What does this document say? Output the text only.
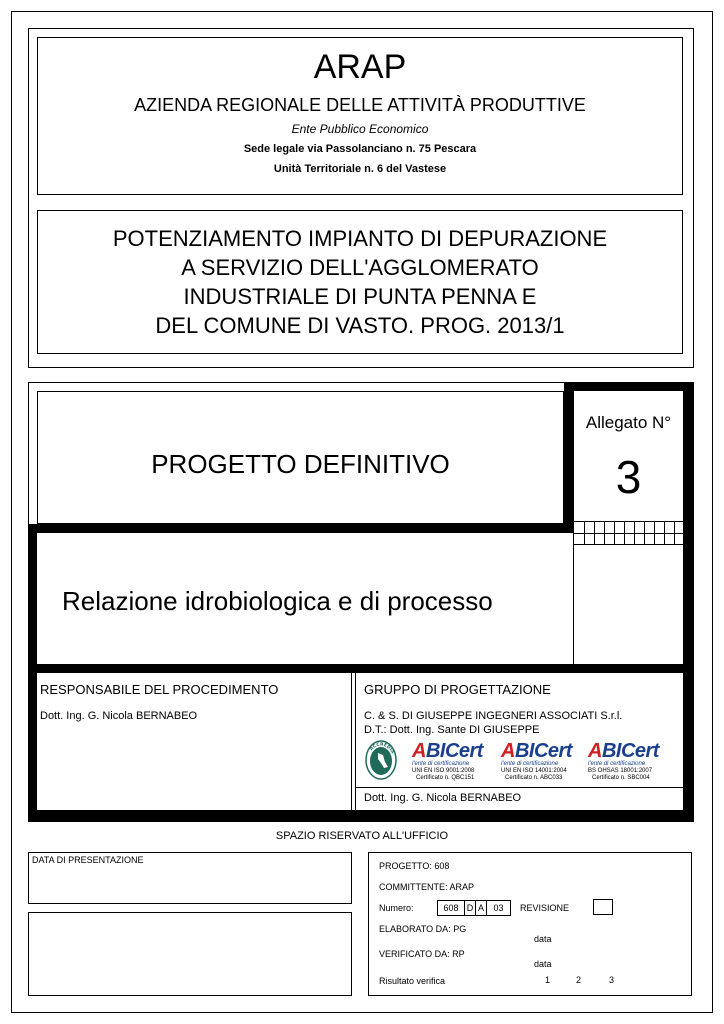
ARAP
AZIENDA REGIONALE DELLE ATTIVITÀ PRODUTTIVE
Ente Pubblico Economico
Sede legale via Passolanciano n. 75 Pescara
Unità Territoriale n. 6 del Vastese
POTENZIAMENTO IMPIANTO DI DEPURAZIONE
A SERVIZIO DELL'AGGLOMERATO
INDUSTRIALE DI PUNTA PENNA E
DEL COMUNE DI VASTO. PROG. 2013/1
PROGETTO DEFINITIVO
Allegato N°
3
Relazione idrobiologica e di processo
RESPONSABILE DEL PROCEDIMENTO
Dott. Ing. G. Nicola BERNABEO
GRUPPO DI PROGETTAZIONE
C. & S. DI GIUSEPPE INGEGNERI ASSOCIATI S.r.l.
D.T.: Dott. Ing. Sante DI GIUSEPPE
ACCREDIA ABICert
l'ente di certificazione
UNI EN ISO 9001:2008
Certificato n. QBC151
ABICert
l'ente di certificazione
UNI EN ISO 14001:2004
Certificato n. ABC033
ABICert
l'ente di certificazione
BS OHSAS 18001:2007
Certificato n. SBC004
Dott. Ing. G. Nicola BERNABEO
SPAZIO RISERVATO ALL'UFFICIO
DATA DI PRESENTAZIONE
PROGETTO: 608
COMMITTENTE: ARAP
Numero:	608 D A	03	REVISIONE
ELABORATO DA: PG
data
VERIFICATO DA: RP
data
Risultato verifica	1	2	3
